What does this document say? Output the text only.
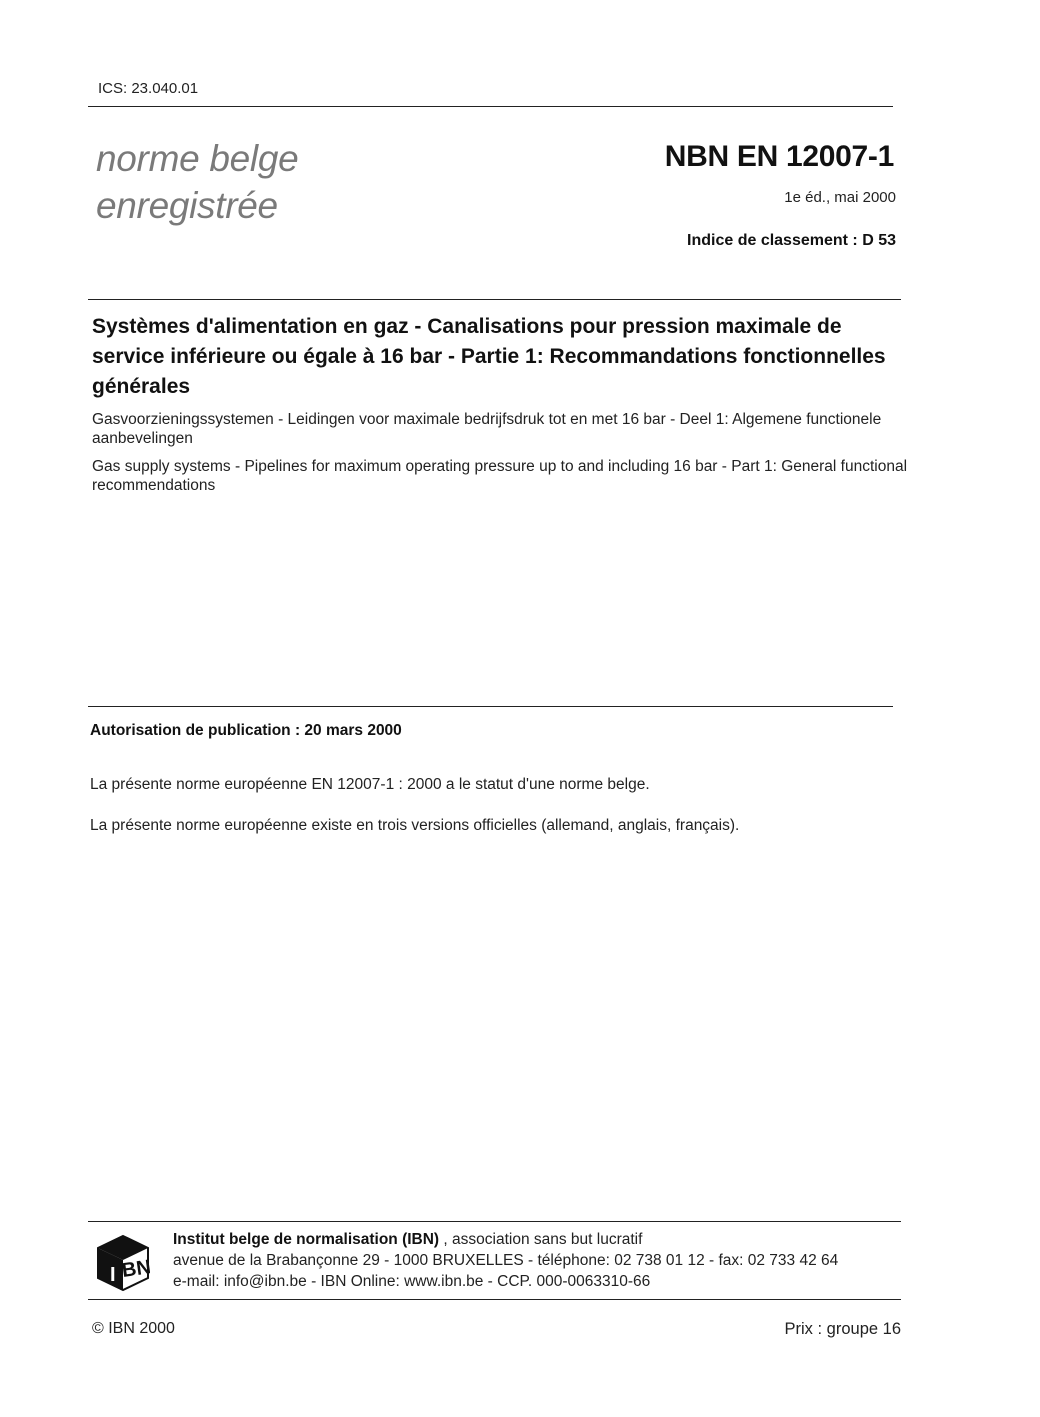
ICS: 23.040.01
norme belge
enregistrée
NBN EN 12007-1
1e éd., mai 2000
Indice de classement : D 53
Systèmes d'alimentation en gaz - Canalisations pour pression maximale de service inférieure ou égale à 16 bar - Partie 1: Recommandations fonctionnelles générales
Gasvoorzieningssystemen - Leidingen voor maximale bedrijfsdruk tot en met 16 bar - Deel 1: Algemene functionele aanbevelingen
Gas supply systems - Pipelines for maximum operating pressure up to and including 16 bar - Part 1: General functional recommendations
Autorisation de publication : 20 mars 2000
La présente norme européenne EN 12007-1 : 2000 a le statut d'une norme belge.
La présente norme européenne existe en trois versions officielles (allemand, anglais, français).
I BN
Institut belge de normalisation (IBN) , association sans but lucratif
avenue de la Brabançonne 29 - 1000 BRUXELLES - téléphone: 02 738 01 12 - fax: 02 733 42 64
e-mail: info@ibn.be - IBN Online: www.ibn.be - CCP. 000-0063310-66
© IBN 2000	Prix : groupe 16
